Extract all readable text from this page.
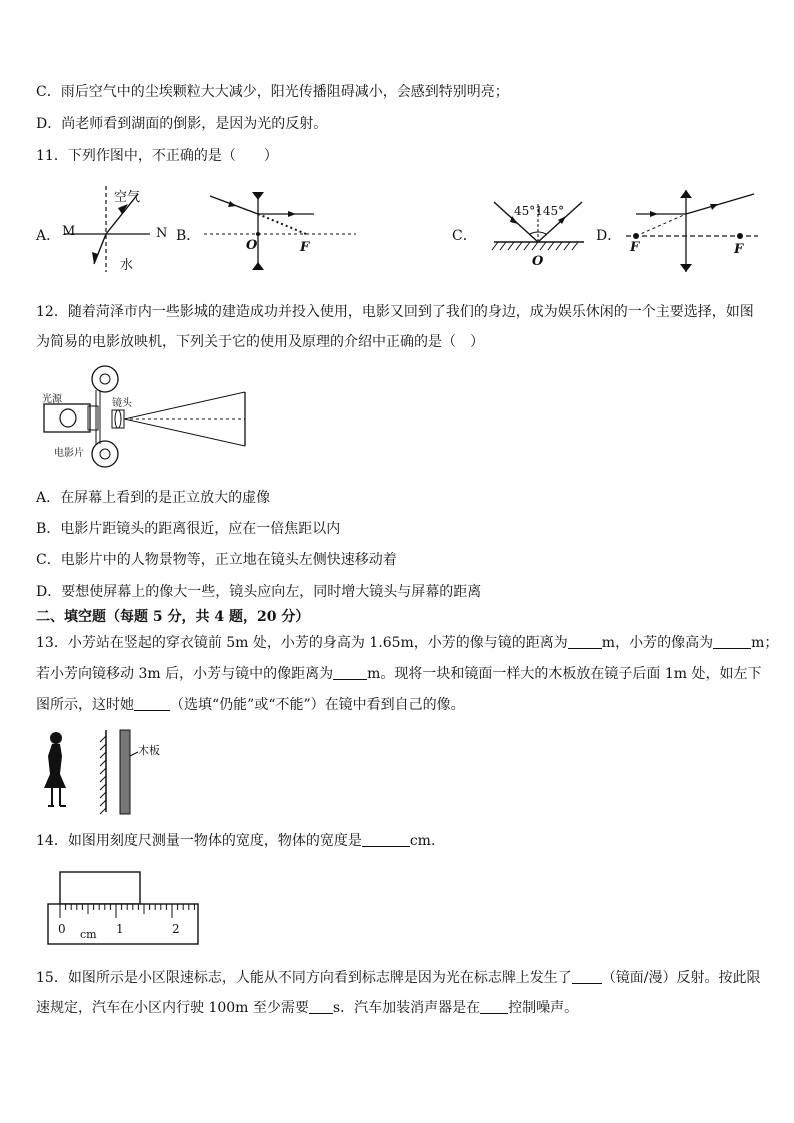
C．雨后空气中的尘埃颗粒大大减少，阳光传播阻碍减小，会感到特别明亮；
D．尚老师看到湖面的倒影，是因为光的反射。
11．下列作图中，不正确的是（　　）
A． M	N
空气
水
B．
O	F
C．
45°145°
O
D．
F	F
12．随着菏泽市内一些影城的建造成功并投入使用，电影又回到了我们的身边，成为娱乐休闲的一个主要选择，如图
为简易的电影放映机，下列关于它的使用及原理的介绍中正确的是（　）
光源	镜头
电影片
A．在屏幕上看到的是正立放大的虚像
B．电影片距镜头的距离很近，应在一倍焦距以内
C．电影片中的人物景物等，正立地在镜头左侧快速移动着
D．要想使屏幕上的像大一些，镜头应向左，同时增大镜头与屏幕的距离
二、填空题（每题 5 分，共 4 题，20 分）
13．小芳站在竖起的穿衣镜前 5m 处，小芳的身高为 1.65m，小芳的像与镜的距离为 m，小芳的像高为	m；
若小芳向镜移动 3m 后，小芳与镜中的像距离为 m。现将一块和镜面一样大的木板放在镜子后面 1m 处，如左下
图所示，这时她	（选填“仍能”或“不能”）在镜中看到自己的像。
木板
14．如图用刻度尺测量一物体的宽度，物体的宽度是	cm.
0	1	2
cm
15．如图所示是小区限速标志，人能从不同方向看到标志牌是因为光在标志牌上发生了 （镜面/漫）反射。按此限
速规定，汽车在小区内行驶 100m 至少需要 s．汽车加装消声器是在 控制噪声。
